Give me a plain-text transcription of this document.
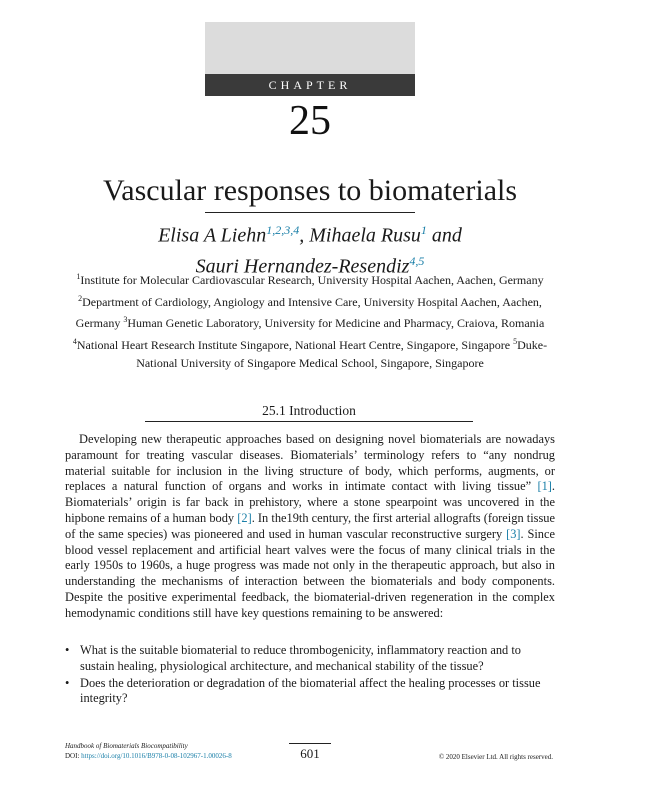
CHAPTER
25
Vascular responses to biomaterials
Elisa A Liehn$^{1,2,3,4}$, Mihaela Rusu$^1$ and
Sauri Hernandez-Resendiz$^{4,5}$
$^1$Institute for Molecular Cardiovascular Research, University Hospital Aachen, Aachen, Germany $^2$Department of Cardiology, Angiology and Intensive Care, University Hospital Aachen, Aachen, Germany $^3$Human Genetic Laboratory, University for Medicine and Pharmacy, Craiova, Romania $^4$National Heart Research Institute Singapore, National Heart Centre, Singapore, Singapore $^5$Duke-National University of Singapore Medical School, Singapore, Singapore
25.1 Introduction

Developing new therapeutic approaches based on designing novel biomaterials are nowadays paramount for treating vascular diseases. Biomaterials’ terminology refers to “any nondrug material suitable for inclusion in the living structure of body, which performs, augments, or replaces a natural function of organs and works in intimate contact with living tissue” [1]. Biomaterials’ origin is far back in prehistory, where a stone spearpoint was uncovered in the hipbone remains of a human body [2]. In the19th century, the first arterial allografts (foreign tissue of the same species) was pioneered and used in human vascular reconstructive surgery [3]. Since blood vessel replacement and artificial heart valves were the focus of many clinical trials in the early 1950s to 1960s, a huge progress was made not only in the therapeutic approach, but also in understanding the mechanisms of interaction between the biomaterials and body components. Despite the positive experimental feedback, the biomaterial-driven regeneration in the complex hemodynamic conditions still have key questions remaining to be answered:

• What is the suitable biomaterial to reduce thrombogenicity, inflammatory reaction and to sustain healing, physiological architecture, and mechanical stability of the tissue?
• Does the deterioration or degradation of the biomaterial affect the healing processes or tissue integrity?
Handbook of Biomaterials Biocompatibility
DOI: https://doi.org/10.1016/B978-0-08-102967-1.00026-8	601	© 2020 Elsevier Ltd. All rights reserved.
